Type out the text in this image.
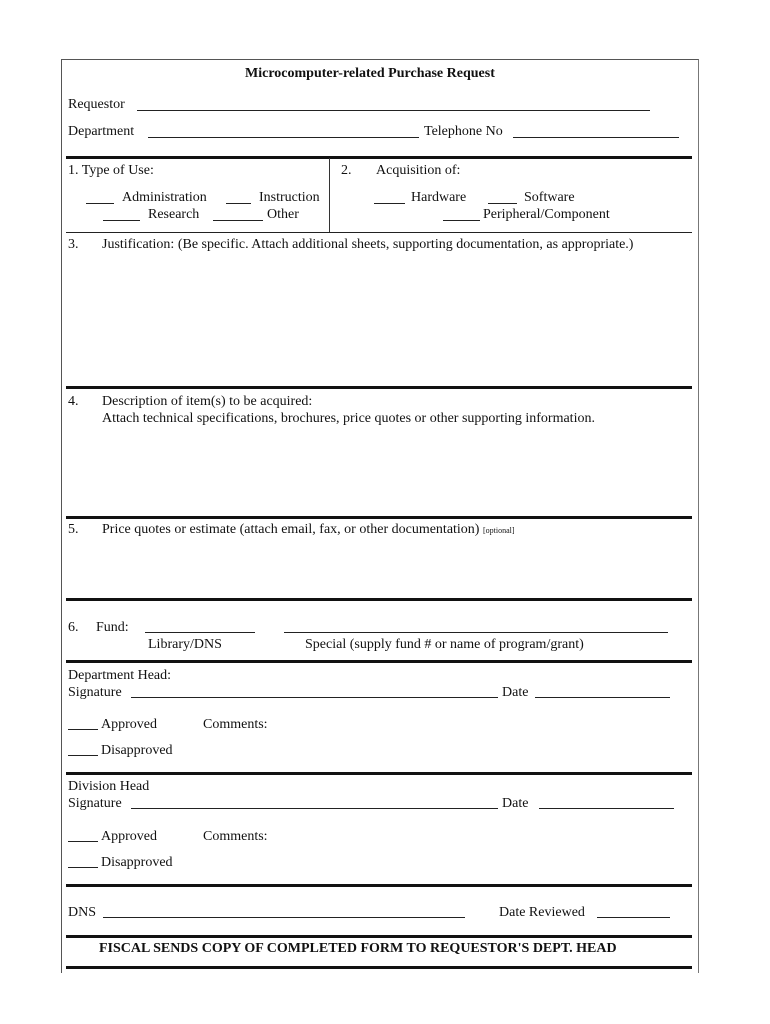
Microcomputer-related Purchase Request
Requestor
Department	Telephone No
1. Type of Use:	2. Acquisition of:
Administration	Instruction
Research	Other
Hardware	Software
Peripheral/Component
3. Justification: (Be specific. Attach additional sheets, supporting documentation, as appropriate.)
4. Description of item(s) to be acquired:
Attach technical specifications, brochures, price quotes or other supporting information.
5. Price quotes or estimate (attach email, fax, or other documentation) [optional]
6. Fund:
Library/DNS	Special (supply fund # or name of program/grant)
Department Head:
Signature	Date
Approved	Comments:
Disapproved
Division Head
Signature	Date
Approved	Comments:
Disapproved
DNS	Date Reviewed
FISCAL SENDS COPY OF COMPLETED FORM TO REQUESTOR'S DEPT. HEAD
